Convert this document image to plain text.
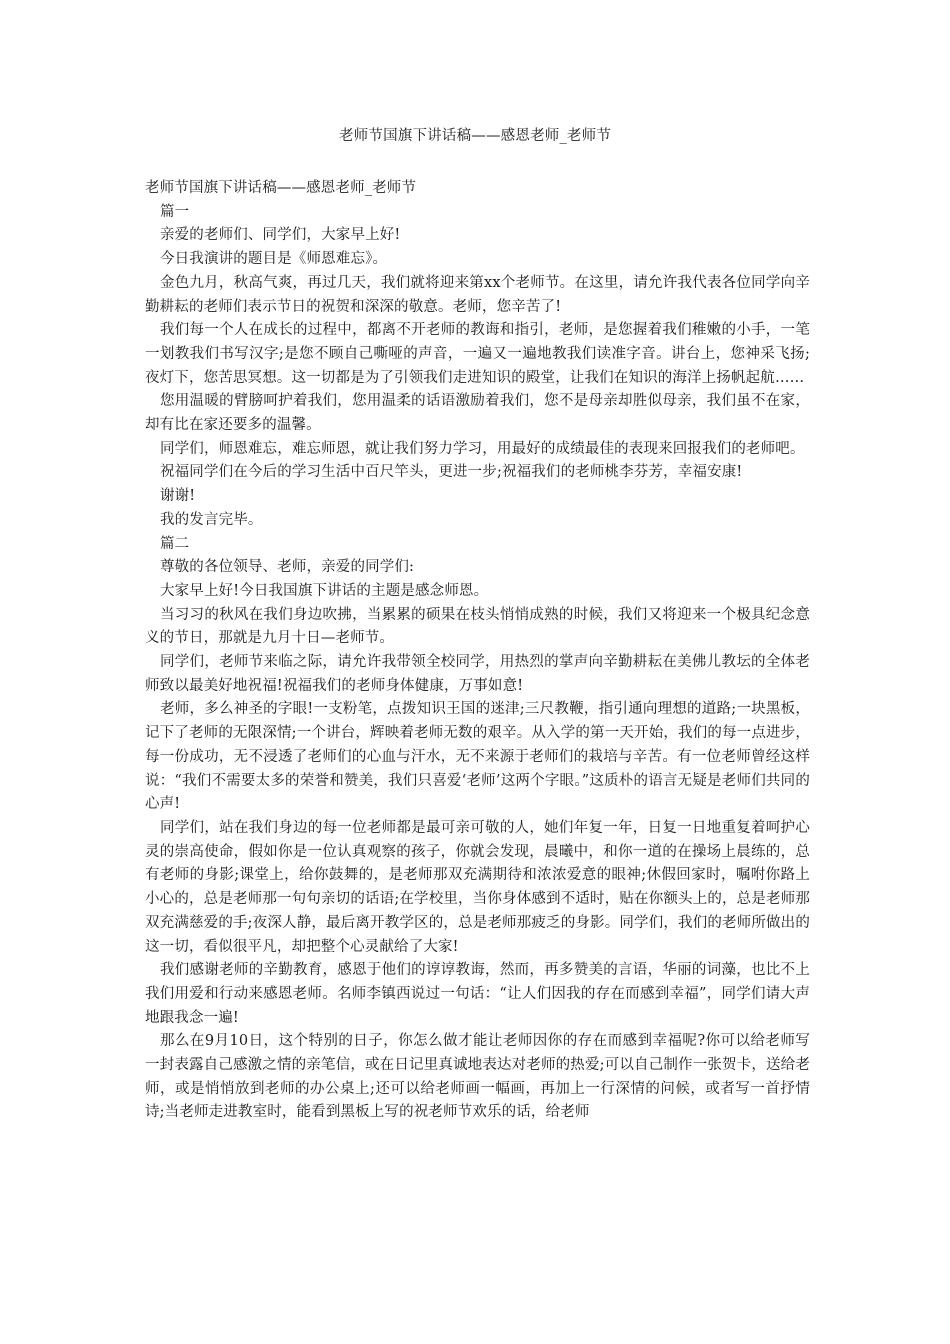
老师节国旗下讲话稿——感恩老师_老师节

老师节国旗下讲话稿——感恩老师_老师节

篇一

亲爱的老师们、同学们，大家早上好!

今日我演讲的题目是《师恩难忘》。

金色九月，秋高气爽，再过几天，我们就将迎来第xx个老师节。在这里，请允许我代表各位同学向辛勤耕耘的老师们表示节日的祝贺和深深的敬意。老师，您辛苦了!

我们每一个人在成长的过程中，都离不开老师的教诲和指引，老师，是您握着我们稚嫩的小手，一笔一划教我们书写汉字;是您不顾自己嘶哑的声音，一遍又一遍地教我们读准字音。讲台上，您神采飞扬;夜灯下，您苦思冥想。这一切都是为了引领我们走进知识的殿堂，让我们在知识的海洋上扬帆起航……

您用温暖的臂膀呵护着我们，您用温柔的话语激励着我们，您不是母亲却胜似母亲，我们虽不在家，却有比在家还要多的温馨。

同学们，师恩难忘，难忘师恩，就让我们努力学习，用最好的成绩最佳的表现来回报我们的老师吧。

祝福同学们在今后的学习生活中百尺竿头，更进一步;祝福我们的老师桃李芬芳，幸福安康!

谢谢!

我的发言完毕。

篇二

尊敬的各位领导、老师，亲爱的同学们:

大家早上好!今日我国旗下讲话的主题是感念师恩。

当习习的秋风在我们身边吹拂，当累累的硕果在枝头悄悄成熟的时候，我们又将迎来一个极具纪念意义的节日，那就是九月十日—老师节。

同学们，老师节来临之际，请允许我带领全校同学，用热烈的掌声向辛勤耕耘在美佛儿教坛的全体老师致以最美好地祝福!祝福我们的老师身体健康，万事如意!

老师，多么神圣的字眼!一支粉笔，点拨知识王国的迷津;三尺教鞭，指引通向理想的道路;一块黑板，记下了老师的无限深情;一个讲台，辉映着老师无数的艰辛。从入学的第一天开始，我们的每一点进步，每一份成功，无不浸透了老师们的心血与汗水，无不来源于老师们的栽培与辛苦。有一位老师曾经这样说：“我们不需要太多的荣誉和赞美，我们只喜爱‘老师’这两个字眼。”这质朴的语言无疑是老师们共同的心声!

同学们，站在我们身边的每一位老师都是最可亲可敬的人，她们年复一年，日复一日地重复着呵护心灵的崇高使命，假如你是一位认真观察的孩子，你就会发现，晨曦中，和你一道的在操场上晨练的，总有老师的身影;课堂上，给你鼓舞的，是老师那双充满期待和浓浓爱意的眼神;休假回家时，嘱咐你路上小心的，总是老师那一句句亲切的话语;在学校里，当你身体感到不适时，贴在你额头上的，总是老师那双充满慈爱的手;夜深人静，最后离开教学区的，总是老师那疲乏的身影。同学们，我们的老师所做出的这一切，看似很平凡，却把整个心灵献给了大家!

我们感谢老师的辛勤教育，感恩于他们的谆谆教诲，然而，再多赞美的言语，华丽的词藻，也比不上我们用爱和行动来感恩老师。名师李镇西说过一句话：“让人们因我的存在而感到幸福”，同学们请大声地跟我念一遍!

那么在9月10日，这个特别的日子，你怎么做才能让老师因你的存在而感到幸福呢?你可以给老师写一封表露自己感激之情的亲笔信，或在日记里真诚地表达对老师的热爱;可以自己制作一张贺卡，送给老师，或是悄悄放到老师的办公桌上;还可以给老师画一幅画，再加上一行深情的问候，或者写一首抒情诗;当老师走进教室时，能看到黑板上写的祝老师节欢乐的话，给老师
